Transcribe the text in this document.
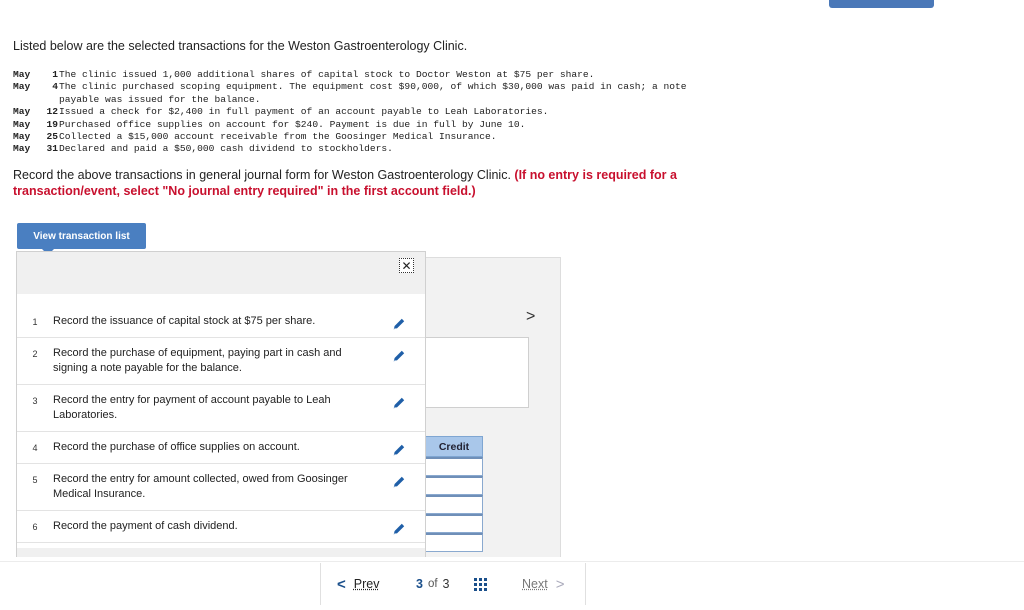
Listed below are the selected transactions for the Weston Gastroenterology Clinic.
May	1 The clinic issued 1,000 additional shares of capital stock to Doctor Weston at $75 per share.
May	4 The clinic purchased scoping equipment. The equipment cost $90,000, of which $30,000 was paid in cash; a note
payable was issued for the balance.
May	12 Issued a check for $2,400 in full payment of an account payable to Leah Laboratories.
May	19 Purchased office supplies on account for $240. Payment is due in full by June 10.
May	25 Collected a $15,000 account receivable from the Goosinger Medical Insurance.
May	31 Declared and paid a $50,000 cash dividend to stockholders.
Record the above transactions in general journal form for Weston Gastroenterology Clinic. (If no entry is required for a transaction/event, select "No journal entry required" in the first account field.)
View transaction list
>
Credit
✕
1	Record the issuance of capital stock at $75 per share.
2	Record the purchase of equipment, paying part in cash and signing a note payable for the balance.
3	Record the entry for payment of account payable to Leah Laboratories.
4	Record the purchase of office supplies on account.
5	Record the entry for amount collected, owed from Goosinger Medical Insurance.
6	Record the payment of cash dividend.
< Prev	3 of 3	Next >
